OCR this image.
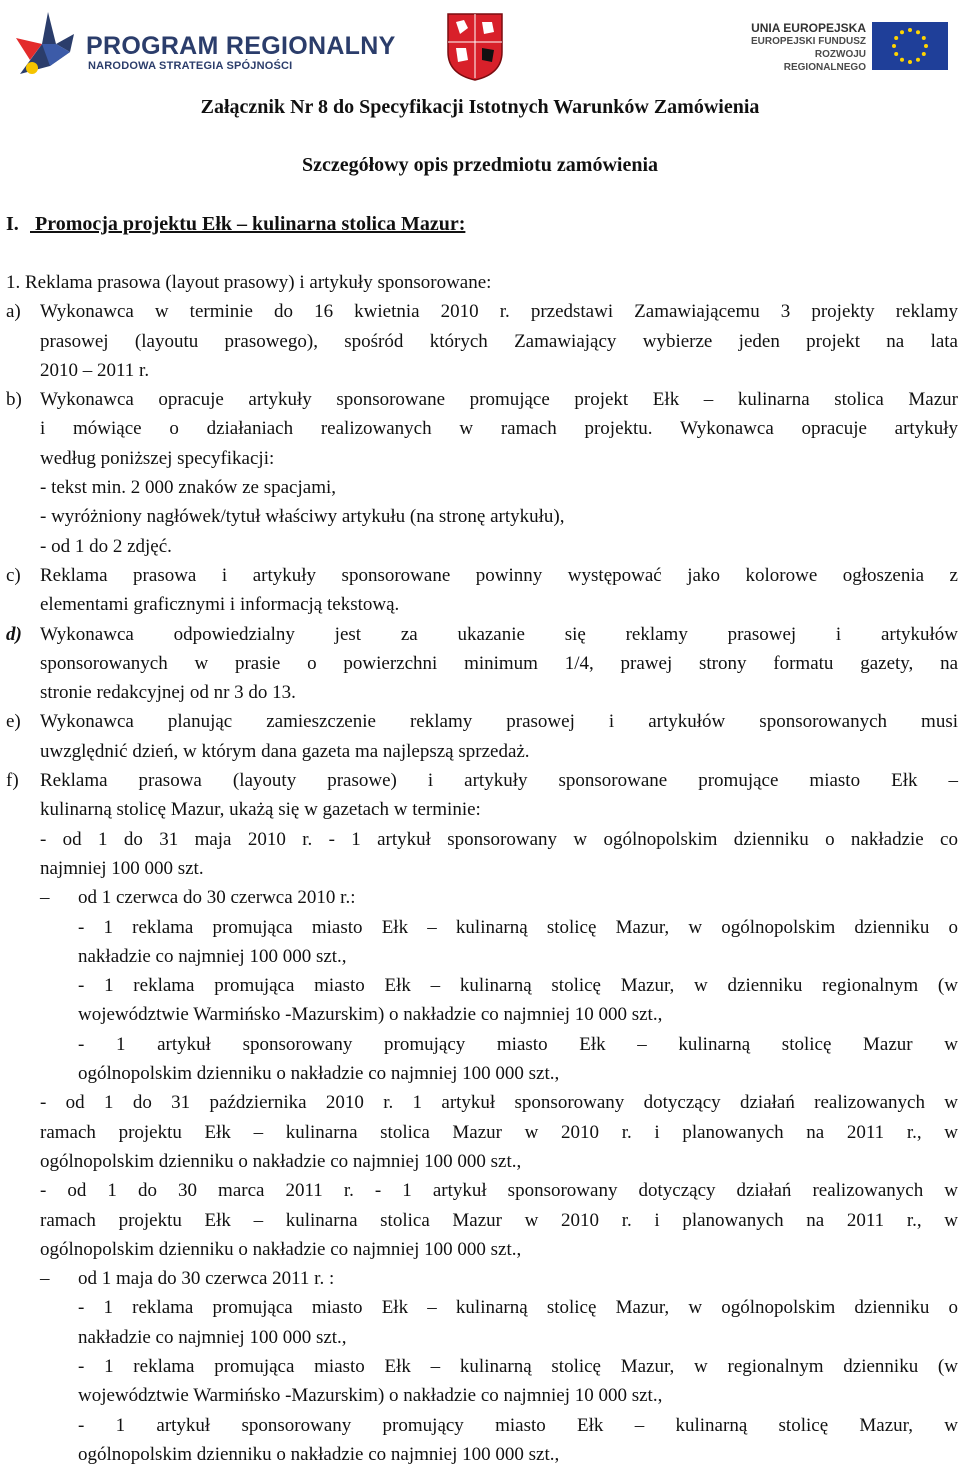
PROGRAM REGIONALNY
NARODOWA STRATEGIA SPÓJNOŚCI
UNIA EUROPEJSKA
EUROPEJSKI FUNDUSZ
ROZWOJU REGIONALNEGO
Załącznik Nr 8 do Specyfikacji Istotnych Warunków Zamówienia
Szczegółowy opis przedmiotu zamówienia
I. Promocja projektu Ełk – kulinarna stolica Mazur:
1. Reklama prasowa (layout prasowy) i artykuły sponsorowane:
a) Wykonawca w terminie do 16 kwietnia 2010 r. przedstawi Zamawiającemu 3 projekty reklamy
prasowej (layoutu prasowego), spośród których Zamawiający wybierze jeden projekt na lata
2010 – 2011 r.
b) Wykonawca opracuje artykuły sponsorowane promujące projekt Ełk – kulinarna stolica Mazur
i mówiące o działaniach realizowanych w ramach projektu. Wykonawca opracuje artykuły
według poniższej specyfikacji:
- tekst min. 2 000 znaków ze spacjami,
- wyróżniony nagłówek/tytuł właściwy artykułu (na stronę artykułu),
- od 1 do 2 zdjęć.
c) Reklama prasowa i artykuły sponsorowane powinny występować jako kolorowe ogłoszenia z
elementami graficznymi i informacją tekstową.
d) Wykonawca odpowiedzialny jest za ukazanie się reklamy prasowej i artykułów
sponsorowanych w prasie o powierzchni minimum 1/4, prawej strony formatu gazety, na
stronie redakcyjnej od nr 3 do 13.
e) Wykonawca planując zamieszczenie reklamy prasowej i artykułów sponsorowanych musi
uwzględnić dzień, w którym dana gazeta ma najlepszą sprzedaż.
f) Reklama prasowa (layouty prasowe) i artykuły sponsorowane promujące miasto Ełk –
kulinarną stolicę Mazur, ukażą się w gazetach w terminie:
- od 1 do 31 maja 2010 r. - 1 artykuł sponsorowany w ogólnopolskim dzienniku o nakładzie co
najmniej 100 000 szt.
– od 1 czerwca do 30 czerwca 2010 r.:
- 1 reklama promująca miasto Ełk – kulinarną stolicę Mazur, w ogólnopolskim dzienniku o
nakładzie co najmniej 100 000 szt.,
- 1 reklama promująca miasto Ełk – kulinarną stolicę Mazur, w dzienniku regionalnym (w
województwie Warmińsko -Mazurskim) o nakładzie co najmniej 10 000 szt.,
- 1 artykuł sponsorowany promujący miasto Ełk – kulinarną stolicę Mazur w
ogólnopolskim dzienniku o nakładzie co najmniej 100 000 szt.,
- od 1 do 31 października 2010 r. 1 artykuł sponsorowany dotyczący działań realizowanych w
ramach projektu Ełk – kulinarna stolica Mazur w 2010 r. i planowanych na 2011 r., w
ogólnopolskim dzienniku o nakładzie co najmniej 100 000 szt.,
- od 1 do 30 marca 2011 r. - 1 artykuł sponsorowany dotyczący działań realizowanych w
ramach projektu Ełk – kulinarna stolica Mazur w 2010 r. i planowanych na 2011 r., w
ogólnopolskim dzienniku o nakładzie co najmniej 100 000 szt.,
– od 1 maja do 30 czerwca 2011 r. :
- 1 reklama promująca miasto Ełk – kulinarną stolicę Mazur, w ogólnopolskim dzienniku o
nakładzie co najmniej 100 000 szt.,
- 1 reklama promująca miasto Ełk – kulinarną stolicę Mazur, w regionalnym dzienniku (w
województwie Warmińsko -Mazurskim) o nakładzie co najmniej 10 000 szt.,
- 1 artykuł sponsorowany promujący miasto Ełk – kulinarną stolicę Mazur, w
ogólnopolskim dzienniku o nakładzie co najmniej 100 000 szt.,
